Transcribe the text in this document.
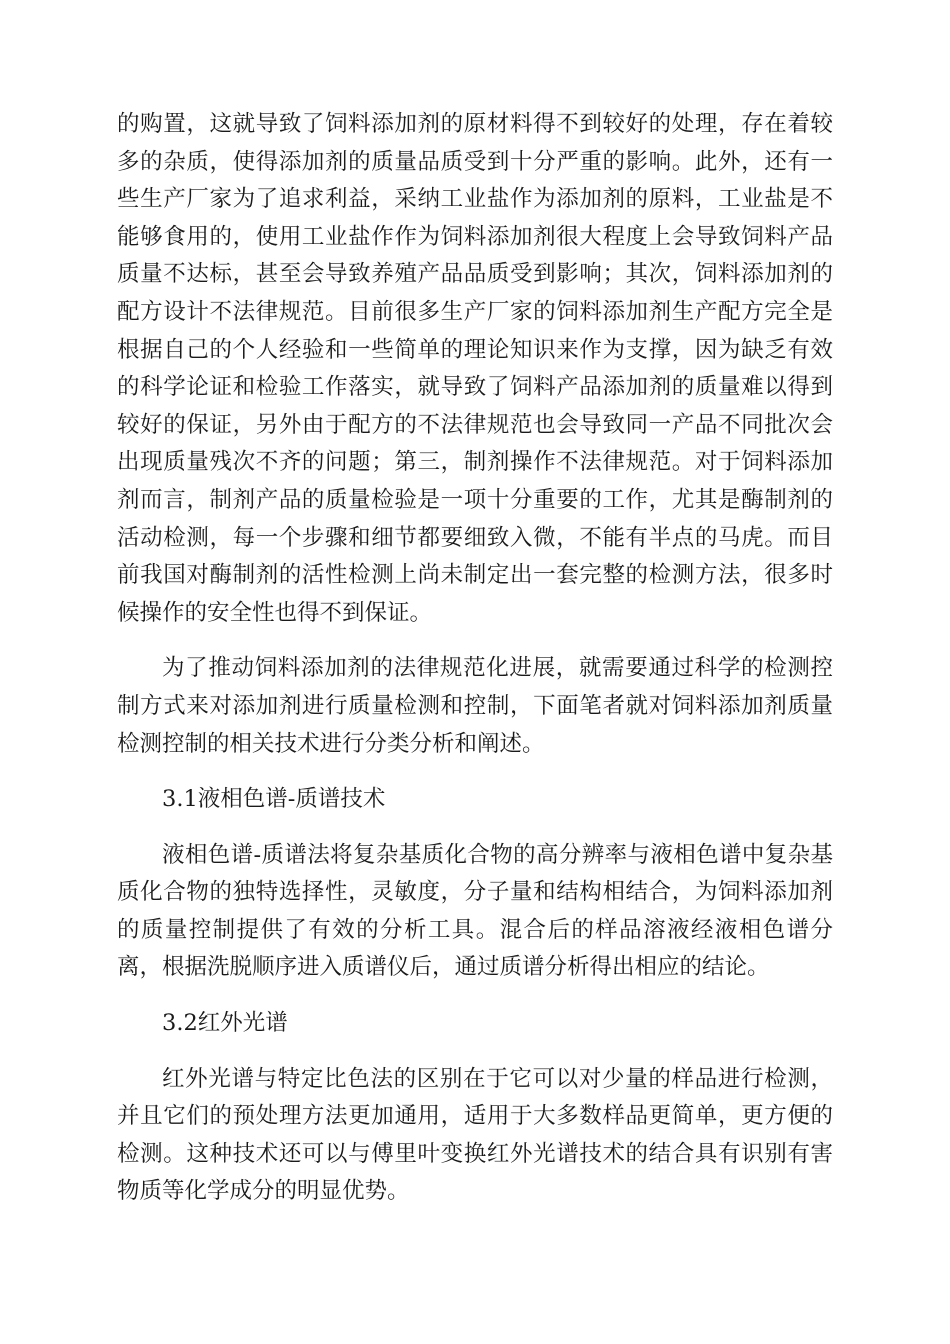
的购置，这就导致了饲料添加剂的原材料得不到较好的处理，存在着较多的杂质，使得添加剂的质量品质受到十分严重的影响。此外，还有一些生产厂家为了追求利益，采纳工业盐作为添加剂的原料，工业盐是不能够食用的，使用工业盐作作为饲料添加剂很大程度上会导致饲料产品质量不达标，甚至会导致养殖产品品质受到影响；其次，饲料添加剂的配方设计不法律规范。目前很多生产厂家的饲料添加剂生产配方完全是根据自己的个人经验和一些简单的理论知识来作为支撑，因为缺乏有效的科学论证和检验工作落实，就导致了饲料产品添加剂的质量难以得到较好的保证，另外由于配方的不法律规范也会导致同一产品不同批次会出现质量残次不齐的问题；第三，制剂操作不法律规范。对于饲料添加剂而言，制剂产品的质量检验是一项十分重要的工作，尤其是酶制剂的活动检测，每一个步骤和细节都要细致入微，不能有半点的马虎。而目前我国对酶制剂的活性检测上尚未制定出一套完整的检测方法，很多时候操作的安全性也得不到保证。

为了推动饲料添加剂的法律规范化进展，就需要通过科学的检测控制方式来对添加剂进行质量检测和控制，下面笔者就对饲料添加剂质量检测控制的相关技术进行分类分析和阐述。

3.1液相色谱-质谱技术

液相色谱-质谱法将复杂基质化合物的高分辨率与液相色谱中复杂基质化合物的独特选择性，灵敏度，分子量和结构相结合，为饲料添加剂的质量控制提供了有效的分析工具。混合后的样品溶液经液相色谱分离，根据洗脱顺序进入质谱仪后，通过质谱分析得出相应的结论。

3.2红外光谱

红外光谱与特定比色法的区别在于它可以对少量的样品进行检测，并且它们的预处理方法更加通用，适用于大多数样品更简单，更方便的检测。这种技术还可以与傅里叶变换红外光谱技术的结合具有识别有害物质等化学成分的明显优势。
